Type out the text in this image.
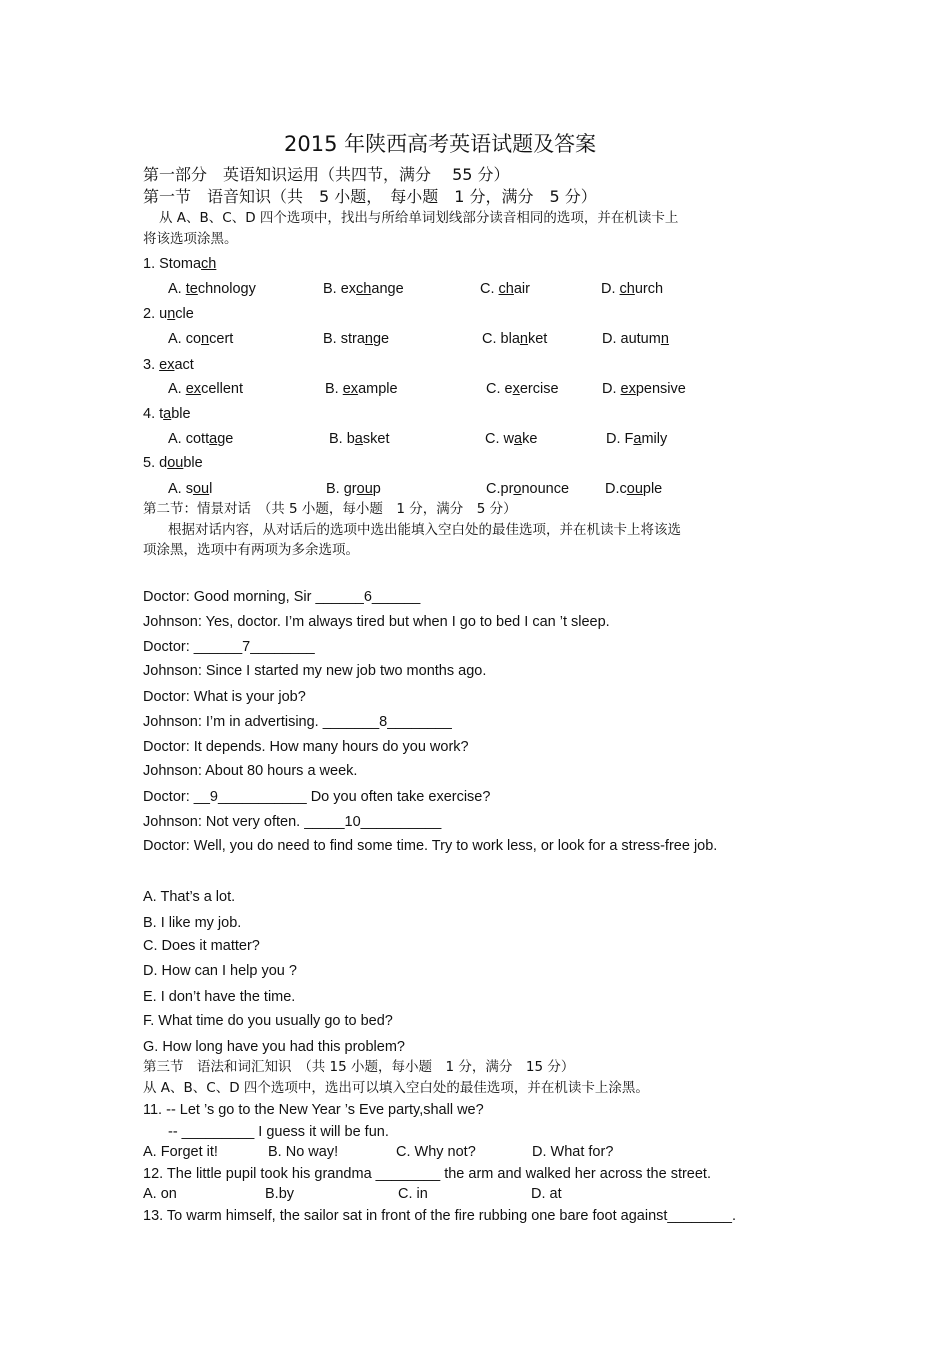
2015 年陕西高考英语试题及答案
第一部分　英语知识运用（共四节，满分　 55 分）
第一节　语音知识（共　5 小题，　每小题　1 分，满分　5 分）
从 A、B、C、D 四个选项中，找出与所给单词划线部分读音相同的选项，并在机读卡上
将该选项涂黑。
1. Stomach
A. technology	B. exchange	C. chair	D. church
2. uncle
A. concert	B. strange	C. blanket	D. autumn
3. exact
A. excellent	B. example	C. exercise	D. expensive
4. table
A. cottage	B. basket	C. wake	D. Family
5. double
A. soul	B. group	C.pronounce D.couple
第二节：情景对话　（共 5 小题，每小题　1 分，满分　5 分）
根据对话内容，从对话后的选项中选出能填入空白处的最佳选项，并在机读卡上将该选
项涂黑，选项中有两项为多余选项。
Doctor: Good morning, Sir ______6______
Johnson: Yes, doctor. I’m always tired but when I go to bed I can ’t sleep.
Doctor: ______7________
Johnson: Since I started my new job two months ago.
Doctor: What is your job?
Johnson: I’m in advertising. _______8________
Doctor: It depends. How many hours do you work?
Johnson: About 80 hours a week.
Doctor: __9___________ Do you often take exercise?
Johnson: Not very often. _____10__________
Doctor: Well, you do need to find some time. Try to work less, or look for a stress-free job.
A. That’s a lot.
B. I like my job.
C. Does it matter?
D. How can I help you ?
E. I don’t have the time.
F. What time do you usually go to bed?
G. How long have you had this problem?
第三节　语法和词汇知识　（共 15 小题，每小题　1 分，满分　15 分）
从 A、B、C、D 四个选项中，选出可以填入空白处的最佳选项，并在机读卡上涂黑。
11. -- Let ’s go to the New Year ’s Eve party,shall we?
-- _________ I guess it will be fun.
A. Forget it!	B. No way!	C. Why not?	D. What for?
12. The little pupil took his grandma ________ the arm and walked her across the street.
A. on	B.by	C. in	D. at
13. To warm himself, the sailor sat in front of the fire rubbing one bare foot against________.
